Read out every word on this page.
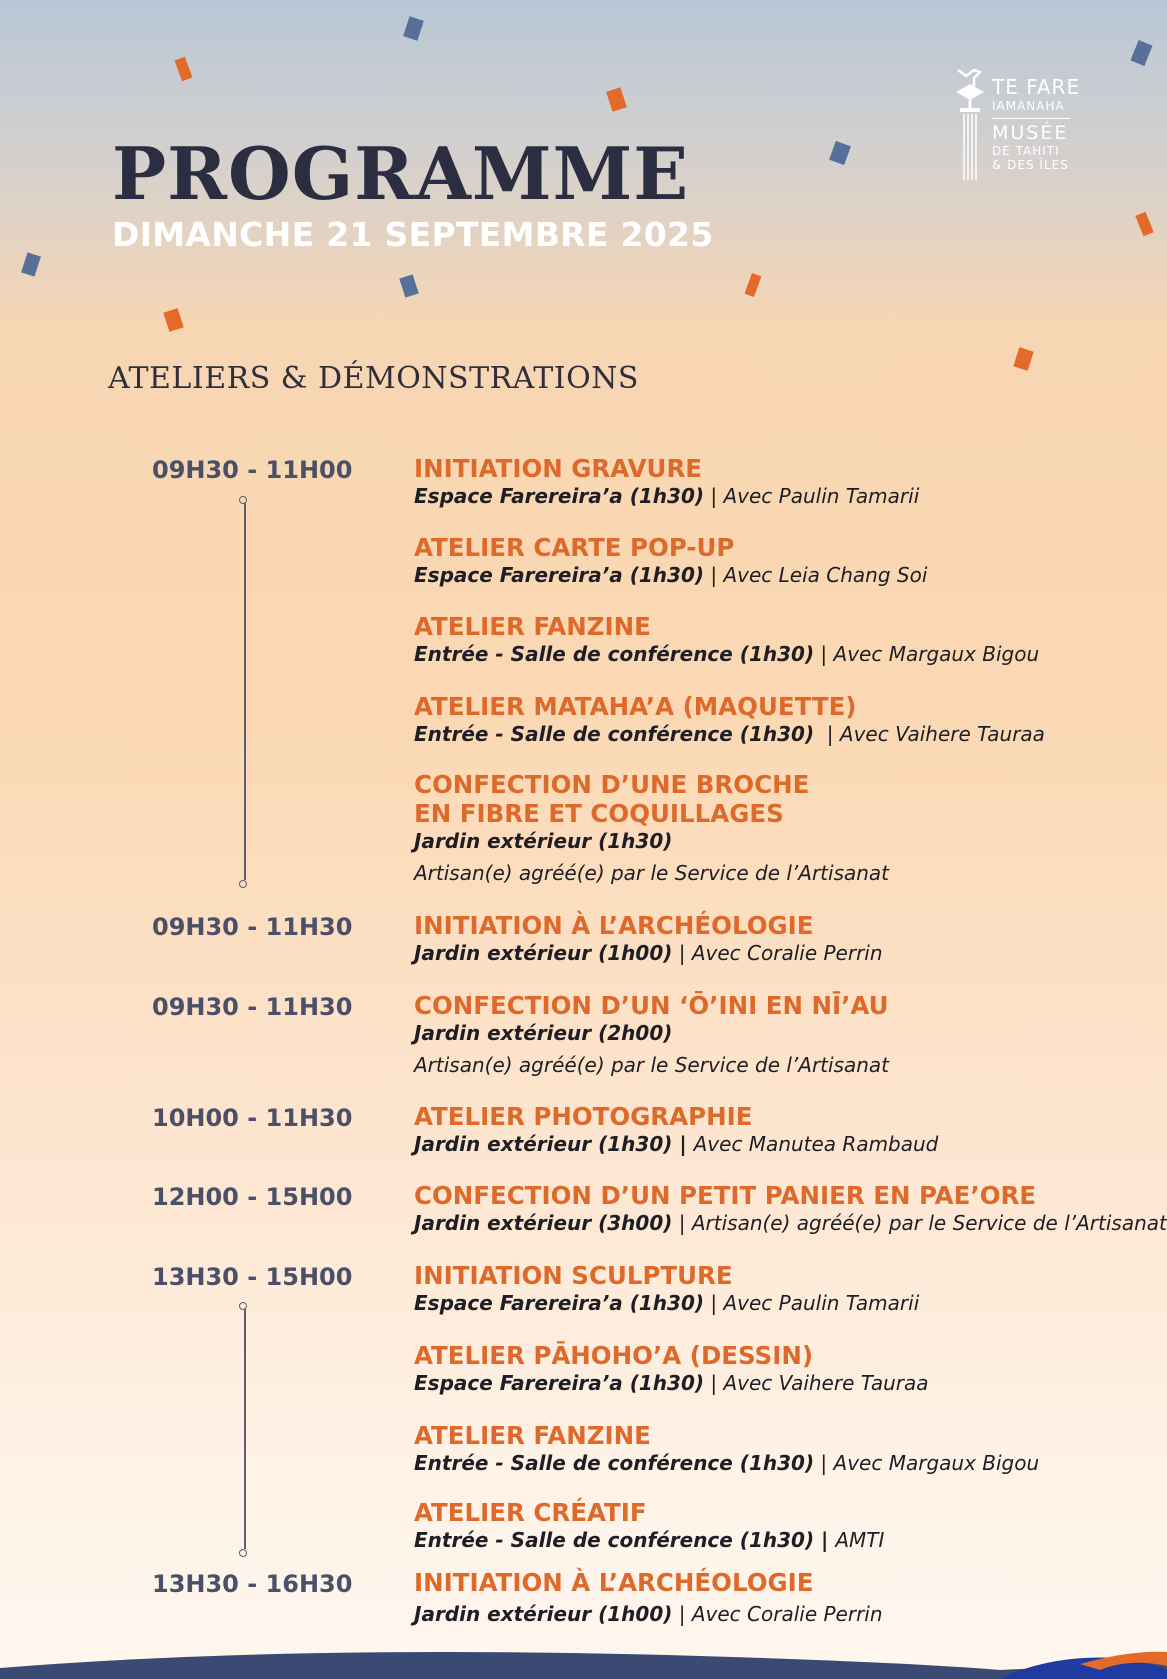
TE FARE
IAMANAHA
MUSÉE
DE TAHITI
& DES ÎLES
PROGRAMME
DIMANCHE 21 SEPTEMBRE 2025
ATELIERS & DÉMONSTRATIONS
09H30 - 11H00
09H30 - 11H30
09H30 - 11H30
10H00 - 11H30
12H00 - 15H00
13H30 - 15H00
13H30 - 16H30
INITIATION GRAVURE
Espace Farereira’a (1h30) | Avec Paulin Tamarii
ATELIER CARTE POP-UP
Espace Farereira’a (1h30) | Avec Leia Chang Soi
ATELIER FANZINE
Entrée - Salle de conférence (1h30) | Avec Margaux Bigou
ATELIER MATAHA’A (MAQUETTE)
Entrée - Salle de conférence (1h30)  | Avec Vaihere Tauraa
CONFECTION D’UNE BROCHE
EN FIBRE ET COQUILLAGES
Jardin extérieur (1h30)
Artisan(e) agréé(e) par le Service de l’Artisanat
INITIATION À L’ARCHÉOLOGIE
Jardin extérieur (1h00) | Avec Coralie Perrin
CONFECTION D’UN ‘Ō’INI EN NĪ’AU
Jardin extérieur (2h00)
Artisan(e) agréé(e) par le Service de l’Artisanat
ATELIER PHOTOGRAPHIE
Jardin extérieur (1h30) | Avec Manutea Rambaud
CONFECTION D’UN PETIT PANIER EN PAE’ORE
Jardin extérieur (3h00) | Artisan(e) agréé(e) par le Service de l’Artisanat
INITIATION SCULPTURE
Espace Farereira’a (1h30) | Avec Paulin Tamarii
ATELIER PĀHOHO’A (DESSIN)
Espace Farereira’a (1h30) | Avec Vaihere Tauraa
ATELIER FANZINE
Entrée - Salle de conférence (1h30) | Avec Margaux Bigou
ATELIER CRÉATIF
Entrée - Salle de conférence (1h30) | AMTI
INITIATION À L’ARCHÉOLOGIE
Jardin extérieur (1h00) | Avec Coralie Perrin
